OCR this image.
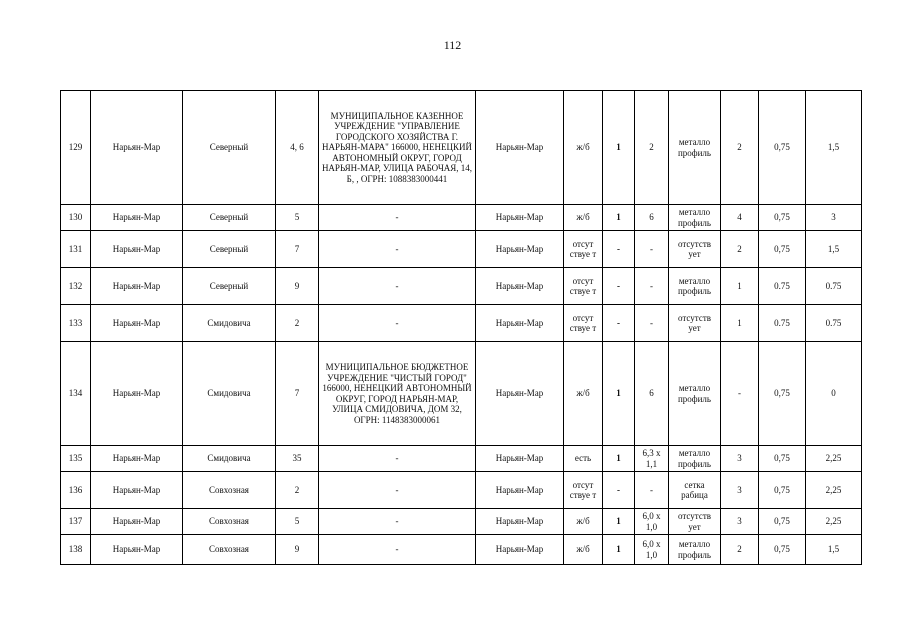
112
129	Нарьян-Мар	Северный	4, 6	МУНИЦИПАЛЬНОЕ КАЗЕННОЕ УЧРЕЖДЕНИЕ "УПРАВЛЕНИЕ ГОРОДСКОГО ХОЗЯЙСТВА Г. НАРЬЯН-МАРА" 166000, НЕНЕЦКИЙ АВТОНОМНЫЙ ОКРУГ, ГОРОД НАРЬЯН-МАР, УЛИЦА РАБОЧАЯ, 14, Б, , ОГРН: 1088383000441	Нарьян-Мар	ж/б	1	2	металло профиль	2	0,75	1,5
130	Нарьян-Мар	Северный	5	-	Нарьян-Мар	ж/б	1	6	металло профиль	4	0,75	3
131	Нарьян-Мар	Северный	7	-	Нарьян-Мар	отсут ствуе т	-	-	отсутств ует	2	0,75	1,5
132	Нарьян-Мар	Северный	9	-	Нарьян-Мар	отсут ствуе т	-	-	металло профиль	1	0.75	0.75
133	Нарьян-Мар	Смидовича	2	-	Нарьян-Мар	отсут ствуе т	-	-	отсутств ует	1	0.75	0.75
134	Нарьян-Мар	Смидовича	7	МУНИЦИПАЛЬНОЕ БЮДЖЕТНОЕ УЧРЕЖДЕНИЕ "ЧИСТЫЙ ГОРОД" 166000, НЕНЕЦКИЙ АВТОНОМНЫЙ ОКРУГ, ГОРОД НАРЬЯН-МАР, УЛИЦА СМИДОВИЧА, ДОМ 32, ОГРН: 1148383000061	Нарьян-Мар	ж/б	1	6	металло профиль	-	0,75	0
135	Нарьян-Мар	Смидовича	35	-	Нарьян-Мар	есть	1	6,3 х 1,1	металло профиль	3	0,75	2,25
136	Нарьян-Мар	Совхозная	2	-	Нарьян-Мар	отсут ствуе т	-	-	сетка рабица	3	0,75	2,25
137	Нарьян-Мар	Совхозная	5	-	Нарьян-Мар	ж/б	1	6,0 х 1,0	отсутств ует	3	0,75	2,25
138	Нарьян-Мар	Совхозная	9	-	Нарьян-Мар	ж/б	1	6,0 х 1,0	металло профиль	2	0,75	1,5
